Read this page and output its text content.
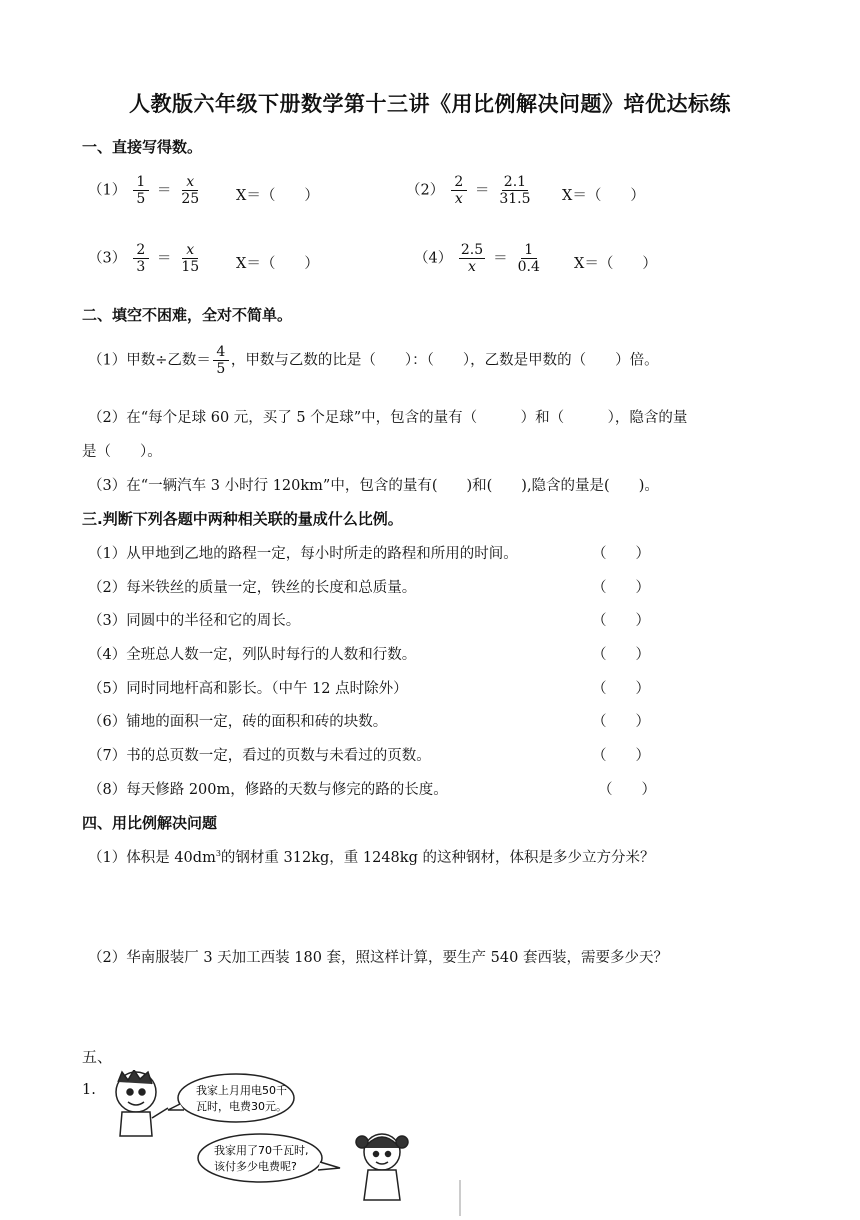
人教版六年级下册数学第十三讲《用比例解决问题》培优达标练
一、直接写得数。
$(1) \frac{1}{5} = \frac{x}{25} X=$（　　）	$(2) \frac{2}{x} = \frac{2.1}{31.5} X=$（　　）
$(3) \frac{2}{3} = \frac{x}{15} X=$（　　）	$(4) \frac{2.5}{x} = \frac{1}{0.4} X=$（　　）
二、填空不困难，全对不简单。
（1）甲数÷乙数＝ $\frac{4}{5}$ ，甲数与乙数的比是（　　）：（　　），乙数是甲数的（　　）倍。
（2）在“每个足球 60 元，买了 5 个足球”中，包含的量有（　　　）和（　　　），隐含的量
是（　　）。
（3）在“一辆汽车 3 小时行 120km”中，包含的量有(　　)和(　　),隐含的量是(　　)。
三.判断下列各题中两种相关联的量成什么比例。
（1）从甲地到乙地的路程一定，每小时所走的路程和所用的时间。	（　　）
（2）每米铁丝的质量一定，铁丝的长度和总质量。	（　　）
（3）同圆中的半径和它的周长。	（　　）
（4）全班总人数一定，列队时每行的人数和行数。	（　　）
（5）同时同地杆高和影长。（中午 12 点时除外）	（　　）
（6）铺地的面积一定，砖的面积和砖的块数。	（　　）
（7）书的总页数一定，看过的页数与未看过的页数。	（　　）
（8）每天修路 200m，修路的天数与修完的路的长度。	（　　）
四、用比例解决问题
（1）体积是 $40dm^3$的钢材重 312kg，重 1248kg 的这种钢材，体积是多少立方分米？
（2）华南服装厂 3 天加工西装 180 套，照这样计算，要生产 540 套西装，需要多少天？
五、
1.	我家上月用电50千
瓦时，电费30元。
我家用了70千瓦时,
该付多少电费呢?
